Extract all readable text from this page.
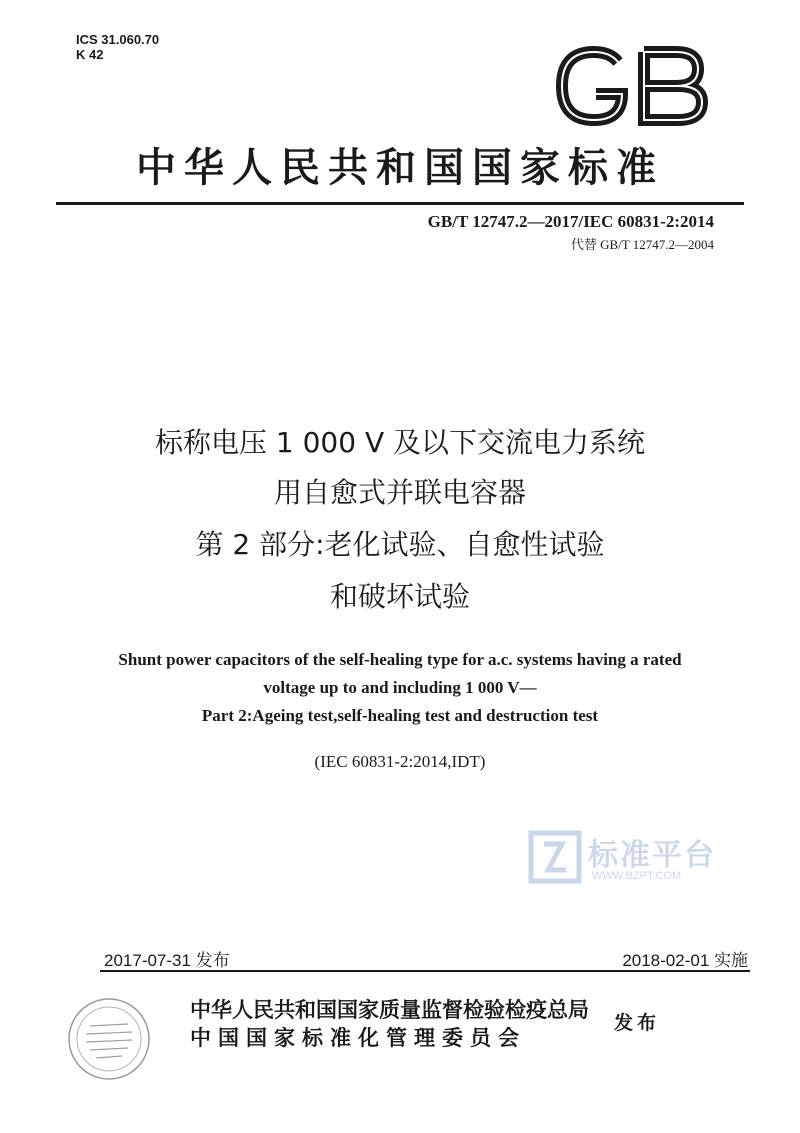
ICS 31.060.70
K 42
中华人民共和国国家标准
GB/T 12747.2—2017/IEC 60831-2:2014
代替 GB/T 12747.2—2004
标称电压 1 000 V 及以下交流电力系统
用自愈式并联电容器
第 2 部分:老化试验、自愈性试验
和破坏试验
Shunt power capacitors of the self-healing type for a.c. systems having a rated
voltage up to and including 1 000 V—
Part 2:Ageing test,self-healing test and destruction test
(IEC 60831-2:2014,IDT)
标准平台
WWW.BZPT.COM
2017-07-31 发布	2018-02-01 实施
中华人民共和国国家质量监督检验检疫总局
中国国家标准化管理委员会
发布
